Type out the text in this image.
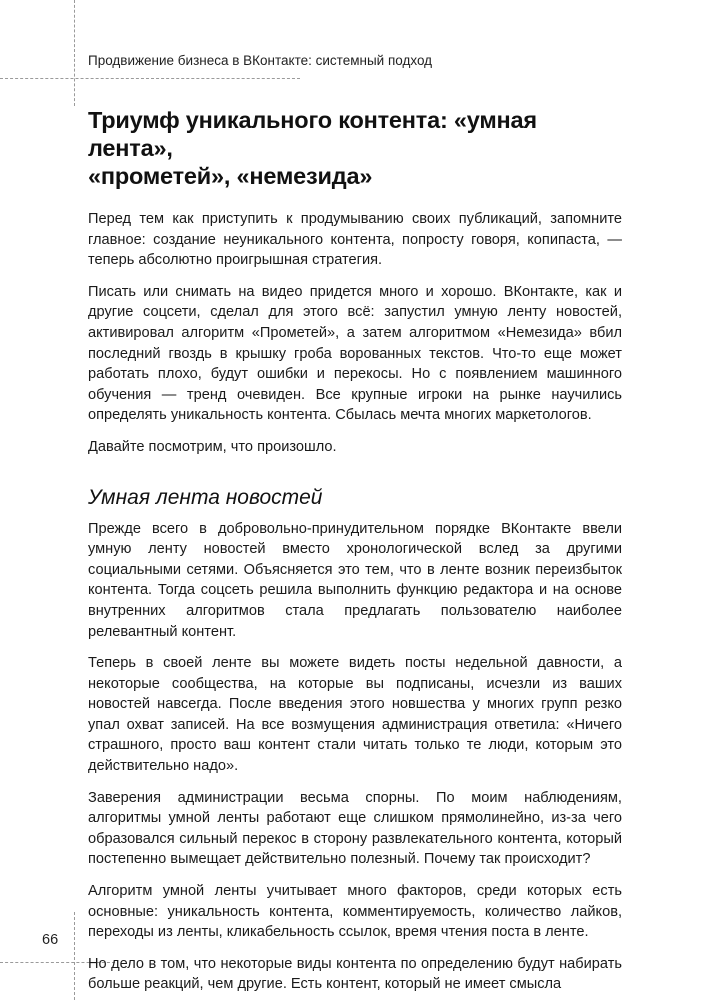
Продвижение бизнеса в ВКонтакте: системный подход
Триумф уникального контента: «умная лента»,
«прометей», «немезида»

Перед тем как приступить к продумыванию своих публикаций, запомните главное: создание неуникального контента, попросту говоря, копипаста, — теперь абсолютно проигрышная стратегия.

Писать или снимать на видео придется много и хорошо. ВКонтакте, как и другие соцсети, сделал для этого всё: запустил умную ленту новостей, активировал алгоритм «Прометей», а затем алгоритмом «Немезида» вбил последний гвоздь в крышку гроба ворованных текстов. Что-то еще может работать плохо, будут ошибки и перекосы. Но с появлением машинного обучения — тренд очевиден. Все крупные игроки на рынке научились определять уникальность контента. Сбылась мечта многих маркетологов.

Давайте посмотрим, что произошло.

Умная лента новостей

Прежде всего в добровольно-принудительном порядке ВКонтакте ввели умную ленту новостей вместо хронологической вслед за другими социальными сетями. Объясняется это тем, что в ленте возник переизбыток контента. Тогда соцсеть решила выполнить функцию редактора и на основе внутренних алгоритмов стала предлагать пользователю наиболее релевантный контент.

Теперь в своей ленте вы можете видеть посты недельной давности, а некоторые сообщества, на которые вы подписаны, исчезли из ваших новостей навсегда. После введения этого новшества у многих групп резко упал охват записей. На все возмущения администрация ответила: «Ничего страшного, просто ваш контент стали читать только те люди, которым это действительно надо».

Заверения администрации весьма спорны. По моим наблюдениям, алгоритмы умной ленты работают еще слишком прямолинейно, из-за чего образовался сильный перекос в сторону развлекательного контента, который постепенно вымещает действительно полезный. Почему так происходит?

Алгоритм умной ленты учитывает много факторов, среди которых есть основные: уникальность контента, комментируемость, количество лайков, переходы из ленты, кликабельность ссылок, время чтения поста в ленте.

Но дело в том, что некоторые виды контента по определению будут набирать больше реакций, чем другие. Есть контент, который не имеет смысла

66
